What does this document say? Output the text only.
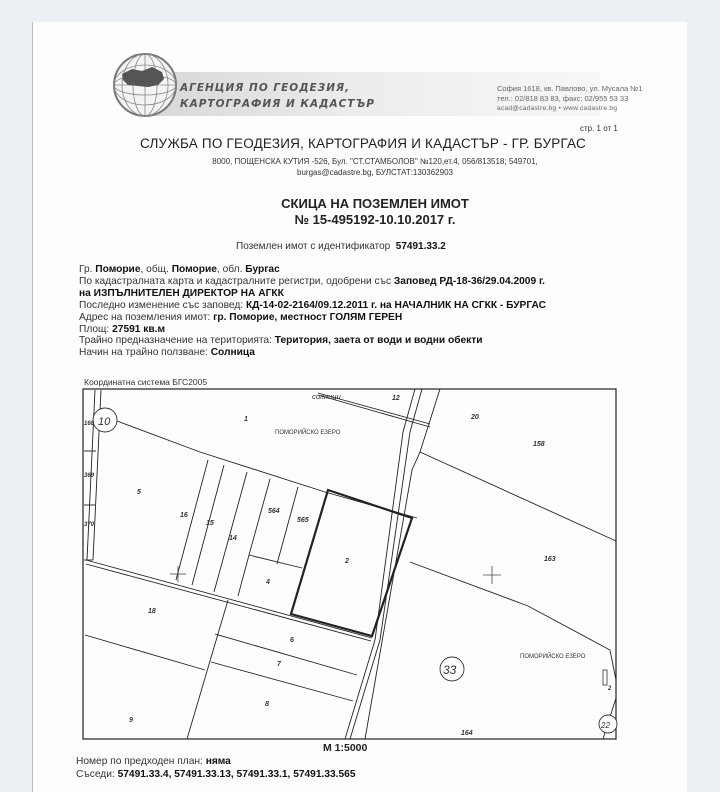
АГЕНЦИЯ ПО ГЕОДЕЗИЯ,
КАРТОГРАФИЯ И КАДАСТЪР
София 1618, кв. Павлово, ул. Мусала №1
тел.: 02/818 83 83, факс: 02/955 53 33
acad@cadastre.bg • www.cadastre.bg
стр. 1 от 1
СЛУЖБА ПО ГЕОДЕЗИЯ, КАРТОГРАФИЯ И КАДАСТЪР - ГР. БУРГАС
8000, ПОЩЕНСКА КУТИЯ -526, Бул. "СТ.СТАМБОЛОВ" №120,ет.4, 056/813518; 549701,
burgas@cadastre.bg, БУЛСТАТ:130362903
СКИЦА НА ПОЗЕМЛЕН ИМОТ
№ 15-495192-10.10.2017 г.
Поземлен имот с идентификатор 57491.33.2
Гр. Поморие, общ. Поморие, обл. Бургас
По кадастралната карта и кадастралните регистри, одобрени със Заповед РД-18-36/29.04.2009 г.
на ИЗПЪЛНИТЕЛЕН ДИРЕКТОР НА АГКК
Последно изменение със заповед: КД-14-02-2164/09.12.2011 г. на НАЧАЛНИК НА СГКК - БУРГАС
Адрес на поземления имот: гр. Поморие, местност ГОЛЯМ ГЕРЕН
Площ: 27591 кв.м
Трайно предназначение на територията: Територия, заета от води и водни обекти
Начин на трайно ползване: Солница
Координатна система БГС2005
10
33
22
1
2
4
5
6
7
8
9
12
14
15
16
18
20
158
163
164
168
369
370
564
565
2
ПОМОРИЙСКО ЕЗЕРО
ПОМОРИЙСКО ЕЗЕРО
солници
М 1:5000
Номер по предходен план: няма
Съседи: 57491.33.4, 57491.33.13, 57491.33.1, 57491.33.565
